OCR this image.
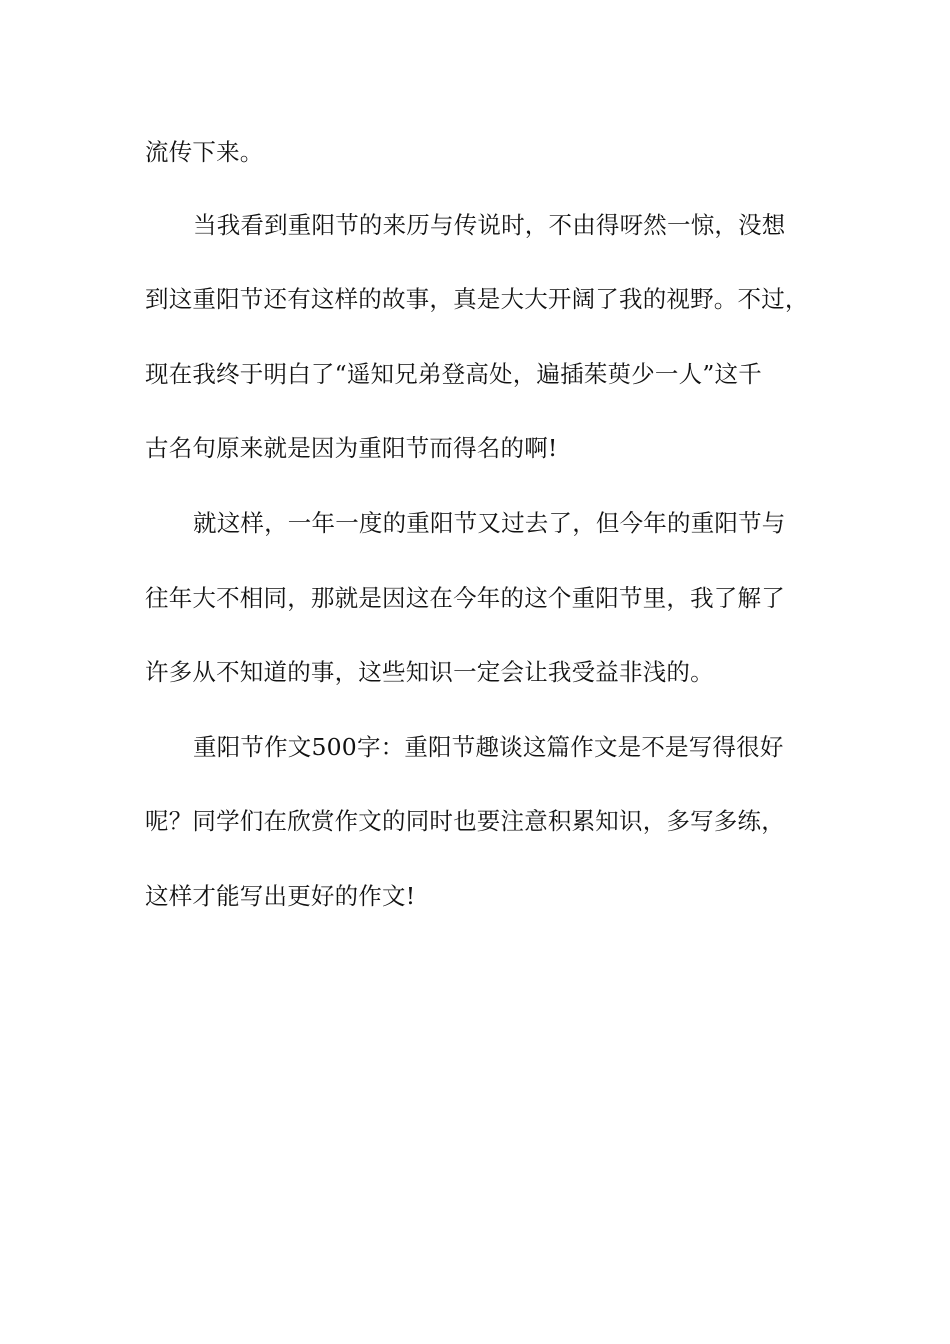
流传下来。
当我看到重阳节的来历与传说时，不由得呀然一惊，没想
到这重阳节还有这样的故事，真是大大开阔了我的视野。不过，
现在我终于明白了“遥知兄弟登高处，遍插茱萸少一人”这千
古名句原来就是因为重阳节而得名的啊!
就这样，一年一度的重阳节又过去了，但今年的重阳节与
往年大不相同，那就是因这在今年的这个重阳节里，我了解了
许多从不知道的事，这些知识一定会让我受益非浅的。
重阳节作文500字：重阳节趣谈这篇作文是不是写得很好
呢？同学们在欣赏作文的同时也要注意积累知识，多写多练，
这样才能写出更好的作文!
